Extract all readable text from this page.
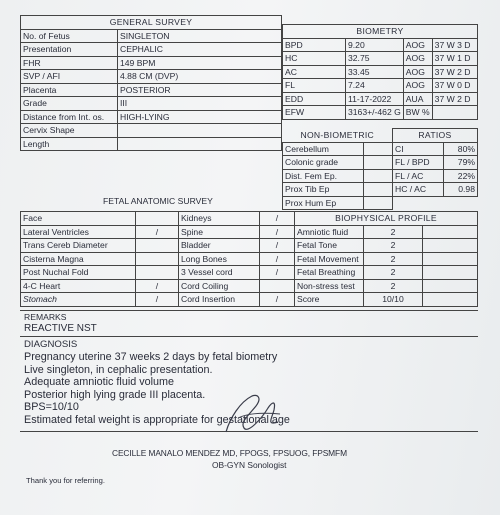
GENERAL SURVEY	
No. of Fetus	SINGLETON
Presentation	CEPHALIC
FHR	149 BPM
SVP / AFI	4.88 CM (DVP)
Placenta	POSTERIOR
Grade	III
Distance from Int. os.	HIGH-LYING
Cervix Shape	
Length	
BIOMETRY			
BPD	9.20	AOG	37 W 3 D
HC	32.75	AOG	37 W 1 D
AC	33.45	AOG	37 W 2 D
FL	7.24	AOG	37 W 0 D
EDD	11-17-2022	AUA	37 W 2 D
EFW	3163+/-462 G	BW %	
NON-BIOMETRIC		RATIOS	
Cerebellum		CI	80%
Colonic grade		FL / BPD	79%
Dist. Fem Ep.		FL / AC	22%
Prox Tib Ep		HC / AC	0.98
Prox Hum Ep			
FETAL ANATOMIC SURVEY
Face		Kidneys	/	BIOPHYSICAL PROFILE		
Lateral Ventricles	/	Spine	/	Amniotic fluid	2	
Trans Cereb Diameter		Bladder	/	Fetal Tone	2	
Cisterna Magna		Long Bones	/	Fetal Movement	2	
Post Nuchal Fold		3 Vessel cord	/	Fetal Breathing	2	
4-C Heart	/	Cord Coiling		Non-stress test	2	
Stomach	/	Cord Insertion	/	Score	10/10	
REMARKS
REACTIVE NST
DIAGNOSIS
Pregnancy uterine 37 weeks 2 days by fetal biometry
Live singleton, in cephalic presentation.
Adequate amniotic fluid volume
Posterior high lying grade III placenta.
BPS=10/10
Estimated fetal weight is appropriate for gestational age
CECILLE MANALO MENDEZ MD, FPOGS, FPSUOG, FPSMFM
OB-GYN Sonologist
Thank you for referring.
